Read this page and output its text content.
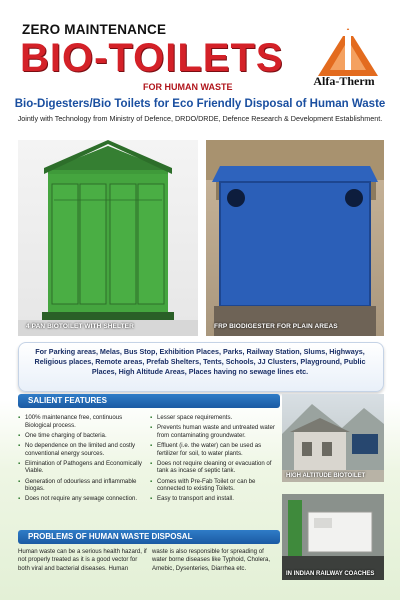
ZERO MAINTENANCE
BIO-TOILETS
FOR HUMAN WASTE	Alfa-Therm
Bio-Digesters/Bio Toilets for Eco Friendly Disposal of Human Waste
Jointly with Technology from Ministry of Defence, DRDO/DRDE, Defence Research & Development Establishment.
4 PAN BIOTOILET WITH SHELTER	FRP BIODIGESTER FOR PLAIN AREAS
For Parking areas, Melas, Bus Stop, Exhibition Places, Parks, Railway Station, Slums, Highways, Religious places, Remote areas, Prefab Shelters, Tents, Schools, JJ Clusters, Playground, Public Places, High Altitude Areas, Places having no sewage lines etc.
SALIENT FEATURES
▪ 100% maintenance free, continuous Biological process.
▪ One time charging of bacteria.
▪ No dependence on the limited and costly conventional energy sources.
▪ Elimination of Pathogens and Economically Viable.
▪ Generation of odourless and inflammable biogas.
▪ Does not require any sewage connection.
▪ Lesser space requirements.
▪ Prevents human waste and untreated water from contaminating groundwater.
▪ Effluent (i.e. the water) can be used as fertilizer for soil, to water plants.
▪ Does not require cleaning or evacuation of tank as incase of septic tank.
▪ Comes with Pre-Fab Toilet or can be connected to existing Toilets.
▪ Easy to transport and install.
PROBLEMS OF HUMAN WASTE DISPOSAL
Human waste can be a serious health hazard, if not properly treated as it is a good vector for both viral and bacterial diseases. Human
waste is also responsible for spreading of water borne diseases like Typhoid, Cholera, Amebic, Dysenteries, Diarrhea etc.
HIGH ALTITUDE BIOTOILET
IN INDIAN RAILWAY COACHES
